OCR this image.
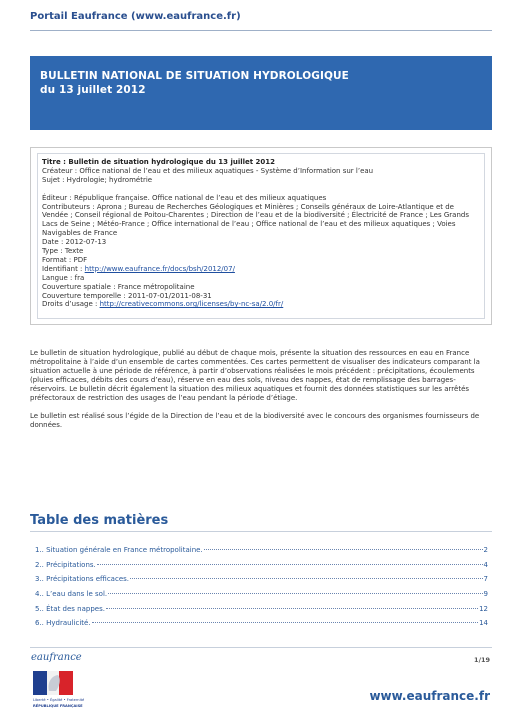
Portail Eaufrance (www.eaufrance.fr)
BULLETIN NATIONAL DE SITUATION HYDROLOGIQUE
du 13 juillet 2012
Titre : Bulletin de situation hydrologique du 13 juillet 2012
Créateur : Office national de l’eau et des milieux aquatiques - Système d’Information sur l’eau
Sujet : Hydrologie; hydrométrie
Éditeur : République française. Office national de l’eau et des milieux aquatiques
Contributeurs : Aprona ; Bureau de Recherches Géologiques et Minières ; Conseils généraux de Loire-Atlantique et de Vendée ; Conseil régional de Poitou-Charentes ; Direction de l’eau et de la biodiversité ; Électricité de France ; Les Grands Lacs de Seine ; Météo-France ; Office international de l’eau ; Office national de l’eau et des milieux aquatiques ; Voies Navigables de France
Date : 2012-07-13
Type : Texte
Format : PDF
Identifiant : http://www.eaufrance.fr/docs/bsh/2012/07/
Langue : fra
Couverture spatiale : France métropolitaine
Couverture temporelle : 2011-07-01/2011-08-31
Droits d’usage : http://creativecommons.org/licenses/by-nc-sa/2.0/fr/
Le bulletin de situation hydrologique, publié au début de chaque mois, présente la situation des ressources en eau en France métropolitaine à l’aide d’un ensemble de cartes commentées. Ces cartes permettent de visualiser des indicateurs comparant la situation actuelle à une période de référence, à partir d’observations réalisées le mois précédent : précipitations, écoulements (pluies efficaces, débits des cours d’eau), réserve en eau des sols, niveau des nappes, état de remplissage des barrages-réservoirs. Le bulletin décrit également la situation des milieux aquatiques et fournit des données statistiques sur les arrêtés préfectoraux de restriction des usages de l’eau pendant la période d’étiage.
Le bulletin est réalisé sous l’égide de la Direction de l’eau et de la biodiversité avec le concours des organismes fournisseurs de données.
Table des matières
1.. Situation générale en France métropolitaine.	2
2.. Précipitations.	4
3.. Précipitations efficaces.	7
4.. L’eau dans le sol.	9
5.. État des nappes.	12
6.. Hydraulicité.	14
eaufrance	1/19
Liberté • Égalité • Fraternité
RÉPUBLIQUE FRANÇAISE
www.eaufrance.fr
